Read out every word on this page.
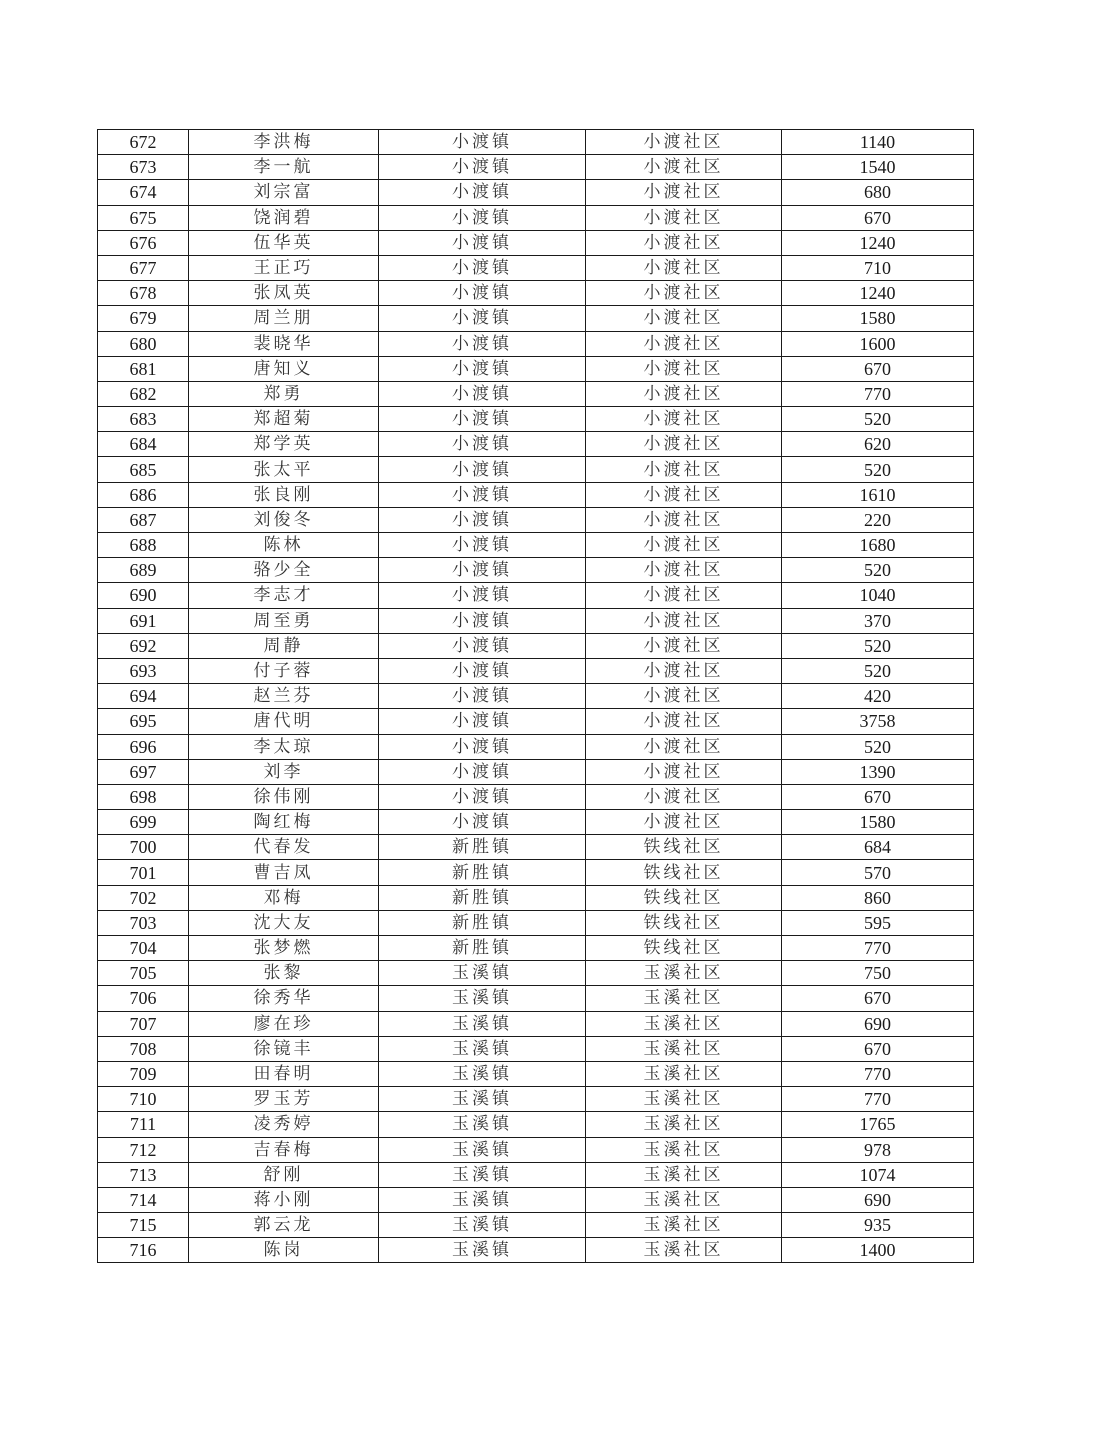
672	李洪梅	小渡镇	小渡社区	1140
673	李一航	小渡镇	小渡社区	1540
674	刘宗富	小渡镇	小渡社区	680
675	饶润碧	小渡镇	小渡社区	670
676	伍华英	小渡镇	小渡社区	1240
677	王正巧	小渡镇	小渡社区	710
678	张凤英	小渡镇	小渡社区	1240
679	周兰朋	小渡镇	小渡社区	1580
680	裴晓华	小渡镇	小渡社区	1600
681	唐知义	小渡镇	小渡社区	670
682	郑勇	小渡镇	小渡社区	770
683	郑超菊	小渡镇	小渡社区	520
684	郑学英	小渡镇	小渡社区	620
685	张太平	小渡镇	小渡社区	520
686	张良刚	小渡镇	小渡社区	1610
687	刘俊冬	小渡镇	小渡社区	220
688	陈林	小渡镇	小渡社区	1680
689	骆少全	小渡镇	小渡社区	520
690	李志才	小渡镇	小渡社区	1040
691	周至勇	小渡镇	小渡社区	370
692	周静	小渡镇	小渡社区	520
693	付子蓉	小渡镇	小渡社区	520
694	赵兰芬	小渡镇	小渡社区	420
695	唐代明	小渡镇	小渡社区	3758
696	李太琼	小渡镇	小渡社区	520
697	刘李	小渡镇	小渡社区	1390
698	徐伟刚	小渡镇	小渡社区	670
699	陶红梅	小渡镇	小渡社区	1580
700	代春发	新胜镇	铁线社区	684
701	曹吉凤	新胜镇	铁线社区	570
702	邓梅	新胜镇	铁线社区	860
703	沈大友	新胜镇	铁线社区	595
704	张梦燃	新胜镇	铁线社区	770
705	张黎	玉溪镇	玉溪社区	750
706	徐秀华	玉溪镇	玉溪社区	670
707	廖在珍	玉溪镇	玉溪社区	690
708	徐镜丰	玉溪镇	玉溪社区	670
709	田春明	玉溪镇	玉溪社区	770
710	罗玉芳	玉溪镇	玉溪社区	770
711	凌秀婷	玉溪镇	玉溪社区	1765
712	吉春梅	玉溪镇	玉溪社区	978
713	舒刚	玉溪镇	玉溪社区	1074
714	蒋小刚	玉溪镇	玉溪社区	690
715	郭云龙	玉溪镇	玉溪社区	935
716	陈岗	玉溪镇	玉溪社区	1400
